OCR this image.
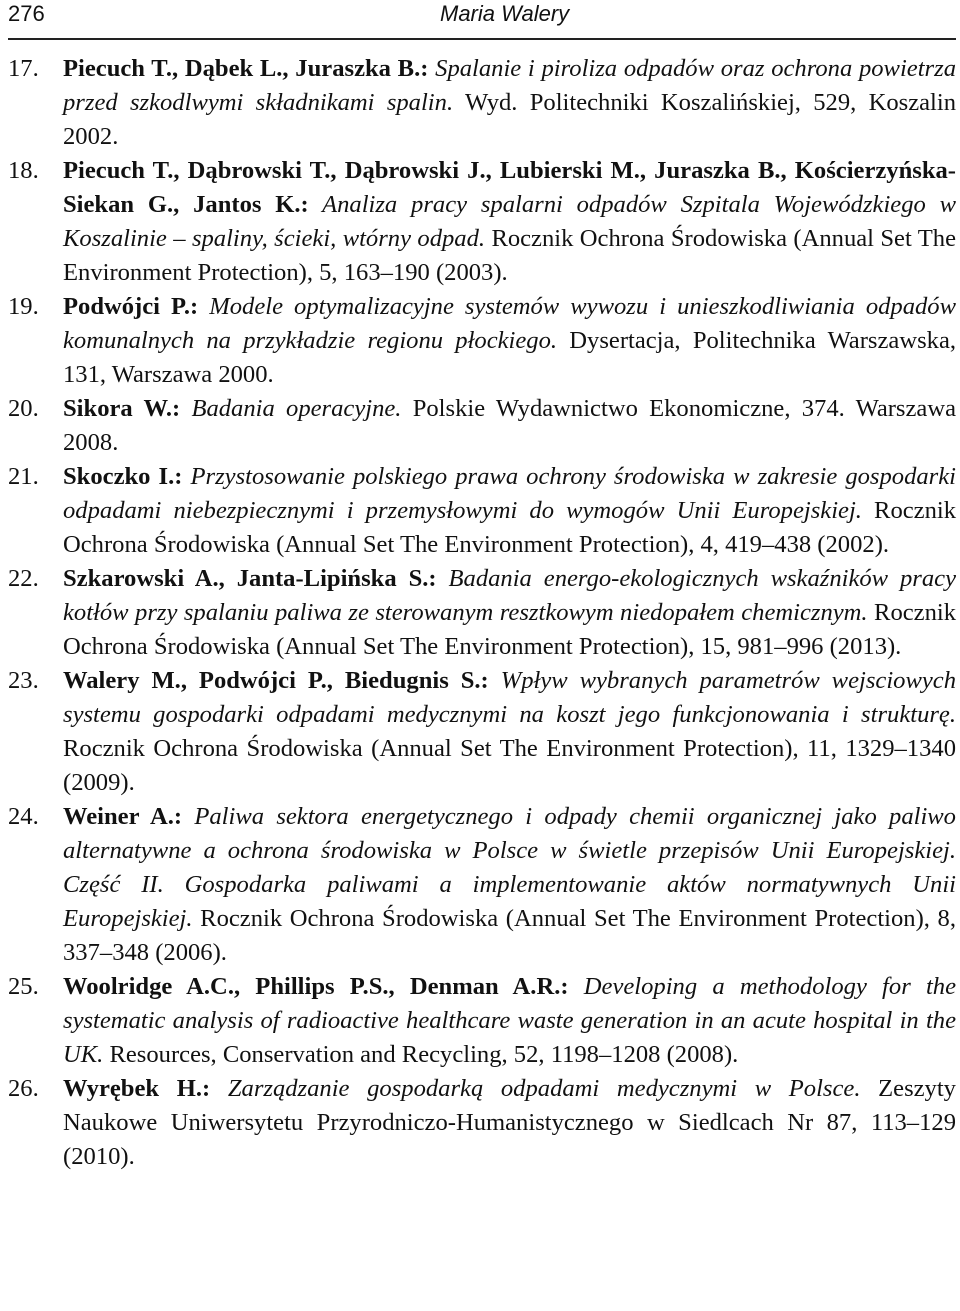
276	Maria Walery
17. Piecuch T., Dąbek L., Juraszka B.: Spalanie i piroliza odpadów oraz ochrona powietrza przed szkodlwymi składnikami spalin. Wyd. Politechniki Koszalińskiej, 529, Koszalin 2002.
18. Piecuch T., Dąbrowski T., Dąbrowski J., Lubierski M., Juraszka B., Kościerzyńska-Siekan G., Jantos K.: Analiza pracy spalarni odpadów Szpitala Wojewódzkiego w Koszalinie – spaliny, ścieki, wtórny odpad. Rocznik Ochrona Środowiska (Annual Set The Environment Protection), 5, 163–190 (2003).
19. Podwójci P.: Modele optymalizacyjne systemów wywozu i unieszkodliwiania odpadów komunalnych na przykładzie regionu płockiego. Dysertacja, Politechnika Warszawska, 131, Warszawa 2000.
20. Sikora W.: Badania operacyjne. Polskie Wydawnictwo Ekonomiczne, 374. Warszawa 2008.
21. Skoczko I.: Przystosowanie polskiego prawa ochrony środowiska w zakresie gospodarki odpadami niebezpiecznymi i przemysłowymi do wymogów Unii Europejskiej. Rocznik Ochrona Środowiska (Annual Set The Environment Protection), 4, 419–438 (2002).
22. Szkarowski A., Janta-Lipińska S.: Badania energo-ekologicznych wskaźników pracy kotłów przy spalaniu paliwa ze sterowanym resztkowym niedopałem chemicznym. Rocznik Ochrona Środowiska (Annual Set The Environment Protection), 15, 981–996 (2013).
23. Walery M., Podwójci P., Biedugnis S.: Wpływ wybranych parametrów wejsciowych systemu gospodarki odpadami medycznymi na koszt jego funkcjonowania i strukturę. Rocznik Ochrona Środowiska (Annual Set The Environment Protection), 11, 1329–1340 (2009).
24. Weiner A.: Paliwa sektora energetycznego i odpady chemii organicznej jako paliwo alternatywne a ochrona środowiska w Polsce w świetle przepisów Unii Europejskiej. Część II. Gospodarka paliwami a implementowanie aktów normatywnych Unii Europejskiej. Rocznik Ochrona Środowiska (Annual Set The Environment Protection), 8, 337–348 (2006).
25. Woolridge A.C., Phillips P.S., Denman A.R.: Developing a methodology for the systematic analysis of radioactive healthcare waste generation in an acute hospital in the UK. Resources, Conservation and Recycling, 52, 1198–1208 (2008).
26. Wyrębek H.: Zarządzanie gospodarką odpadami medycznymi w Polsce. Zeszyty Naukowe Uniwersytetu Przyrodniczo-Humanistycznego w Siedlcach Nr 87, 113–129 (2010).
